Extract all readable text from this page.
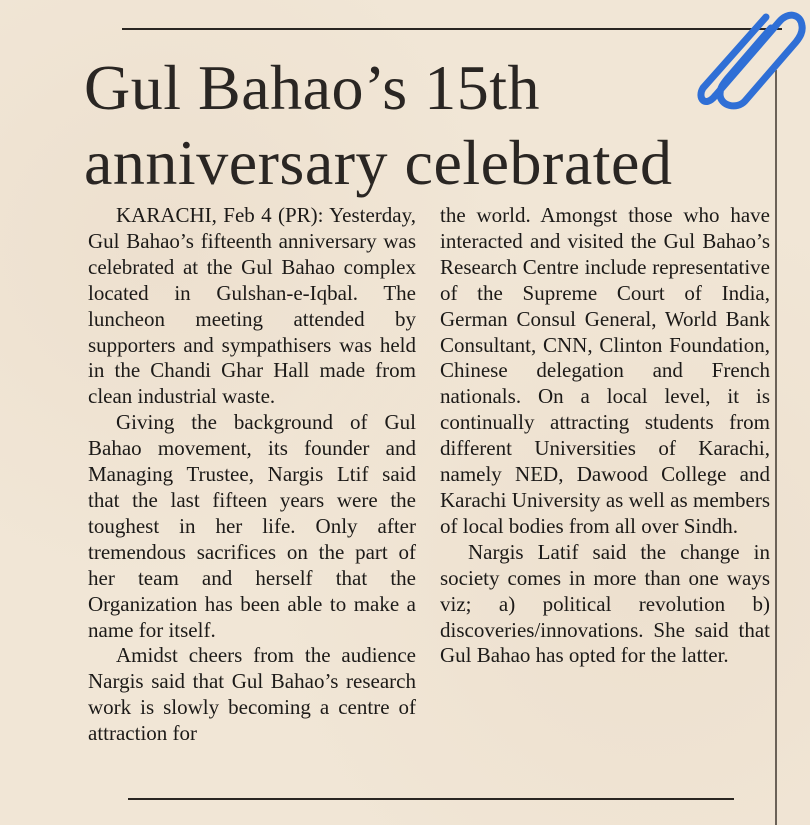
Gul Bahao’s 15th
anniversary celebrated

KARACHI, Feb 4 (PR): Yesterday, Gul Bahao’s fifteenth anniversary was celebrated at the Gul Bahao complex located in Gulshan-e-Iqbal. The luncheon meeting attended by supporters and sympathisers was held in the Chandi Ghar Hall made from clean industrial waste.

Giving the background of Gul Bahao movement, its founder and Managing Trustee, Nargis Ltif said that the last fifteen years were the toughest in her life. Only after tremendous sacrifices on the part of her team and herself that the Organization has been able to make a name for itself.

Amidst cheers from the audience Nargis said that Gul Bahao’s research work is slowly becoming a centre of attraction for

the world. Amongst those who have interacted and visited the Gul Bahao’s Research Centre include representative of the Supreme Court of India, German Consul General, World Bank Consultant, CNN, Clinton Foundation, Chinese delegation and French nationals. On a local level, it is continually attracting students from different Universities of Karachi, namely NED, Dawood College and Karachi University as well as members of local bodies from all over Sindh.

Nargis Latif said the change in society comes in more than one ways viz; a) political revolution b) discoveries/innovations. She said that Gul Bahao has opted for the latter.
